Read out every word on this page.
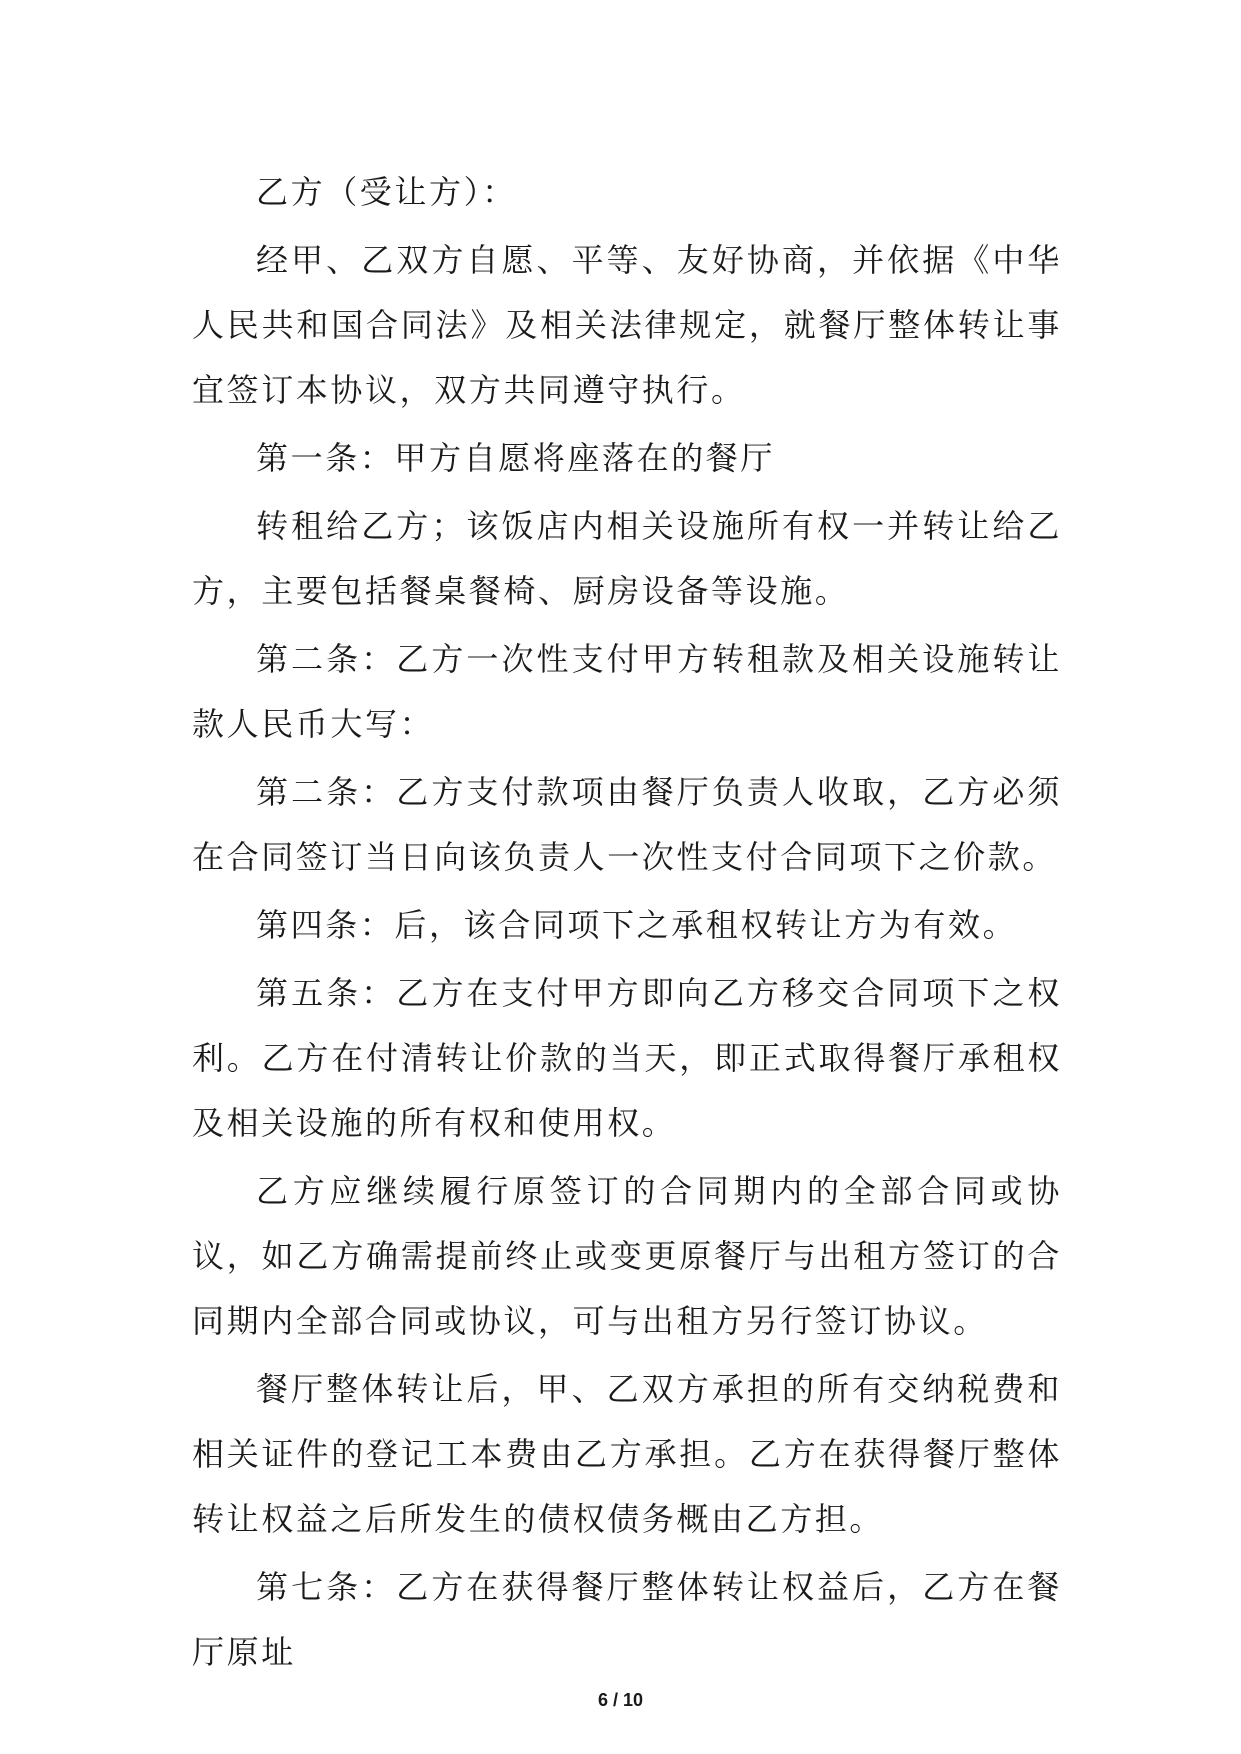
乙方（受让方）：

经甲、乙双方自愿、平等、友好协商，并依据《中华人民共和国合同法》及相关法律规定，就餐厅整体转让事宜签订本协议，双方共同遵守执行。

第一条：甲方自愿将座落在的餐厅

转租给乙方；该饭店内相关设施所有权一并转让给乙方，主要包括餐桌餐椅、厨房设备等设施。

第二条：乙方一次性支付甲方转租款及相关设施转让款人民币大写：

第二条：乙方支付款项由餐厅负责人收取，乙方必须在合同签订当日向该负责人一次性支付合同项下之价款。

第四条：后，该合同项下之承租权转让方为有效。

第五条：乙方在支付甲方即向乙方移交合同项下之权利。乙方在付清转让价款的当天，即正式取得餐厅承租权及相关设施的所有权和使用权。

乙方应继续履行原签订的合同期内的全部合同或协议，如乙方确需提前终止或变更原餐厅与出租方签订的合同期内全部合同或协议，可与出租方另行签订协议。

餐厅整体转让后，甲、乙双方承担的所有交纳税费和相关证件的登记工本费由乙方承担。乙方在获得餐厅整体转让权益之后所发生的债权债务概由乙方担。

第七条：乙方在获得餐厅整体转让权益后，乙方在餐厅原址

6 / 10
